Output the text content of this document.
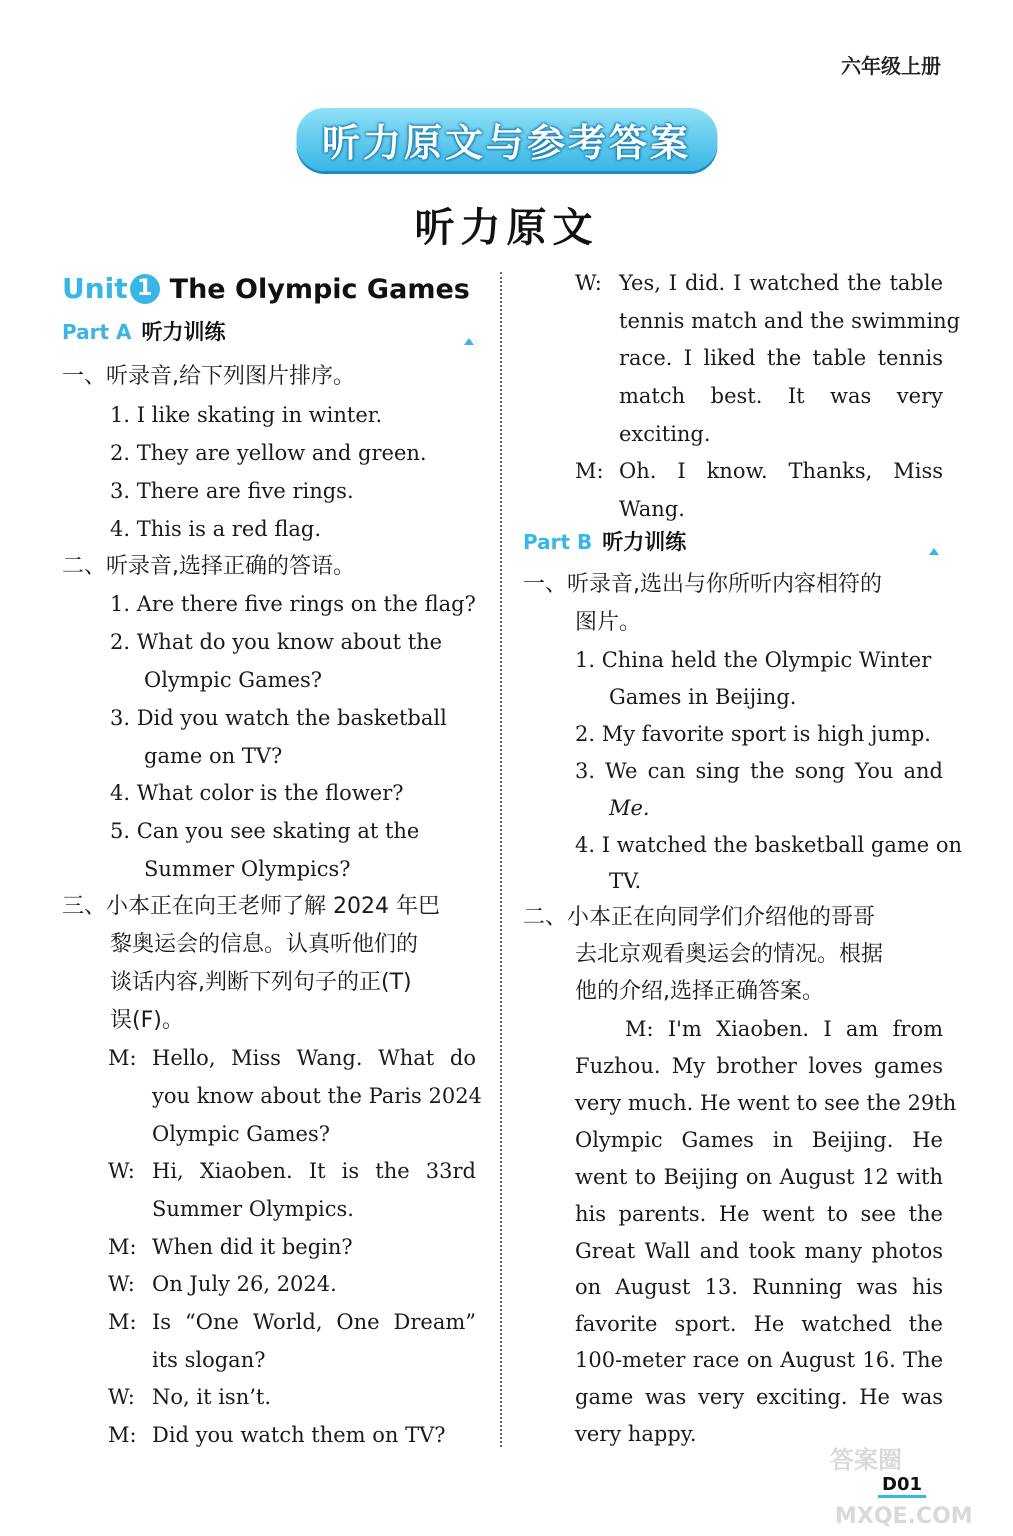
六年级上册
听力原文与参考答案
听力原文
Unit 1 The Olympic Games
Part A 听力训练
一、听录音,给下列图片排序。
1. I like skating in winter.
2. They are yellow and green.
3. There are five rings.
4. This is a red flag.
二、听录音,选择正确的答语。
1. Are there five rings on the flag?
2. What do you know about the
Olympic Games?
3. Did you watch the basketball
game on TV?
4. What color is the flower?
5. Can you see skating at the
Summer Olympics?
三、小本正在向王老师了解 2024 年巴
黎奥运会的信息。认真听他们的
谈话内容,判断下列句子的正(T)
误(F)。
M: Hello, Miss Wang. What do
you know about the Paris 2024
Olympic Games?
W: Hi, Xiaoben. It is the 33rd
Summer Olympics.
M: When did it begin?
W: On July 26, 2024.
M: Is “One World, One Dream”
its slogan?
W: No, it isn’t.
M: Did you watch them on TV?
W: Yes, I did. I watched the table
tennis match and the swimming
race. I liked the table tennis
match best. It was very
exciting.
M: Oh. I know. Thanks, Miss
Wang.
Part B 听力训练
一、听录音,选出与你所听内容相符的
图片。
1. China held the Olympic Winter
Games in Beijing.
2. My favorite sport is high jump.
3. We can sing the song You and
Me.
4. I watched the basketball game on
TV.
二、小本正在向同学们介绍他的哥哥
去北京观看奥运会的情况。根据
他的介绍,选择正确答案。
M: I'm Xiaoben. I am from
Fuzhou. My brother loves games
very much. He went to see the 29th
Olympic Games in Beijing. He
went to Beijing on August 12 with
his parents. He went to see the
Great Wall and took many photos
on August 13. Running was his
favorite sport. He watched the
100-meter race on August 16. The
game was very exciting. He was
very happy.
答案圈
MXQE.COM
D01
